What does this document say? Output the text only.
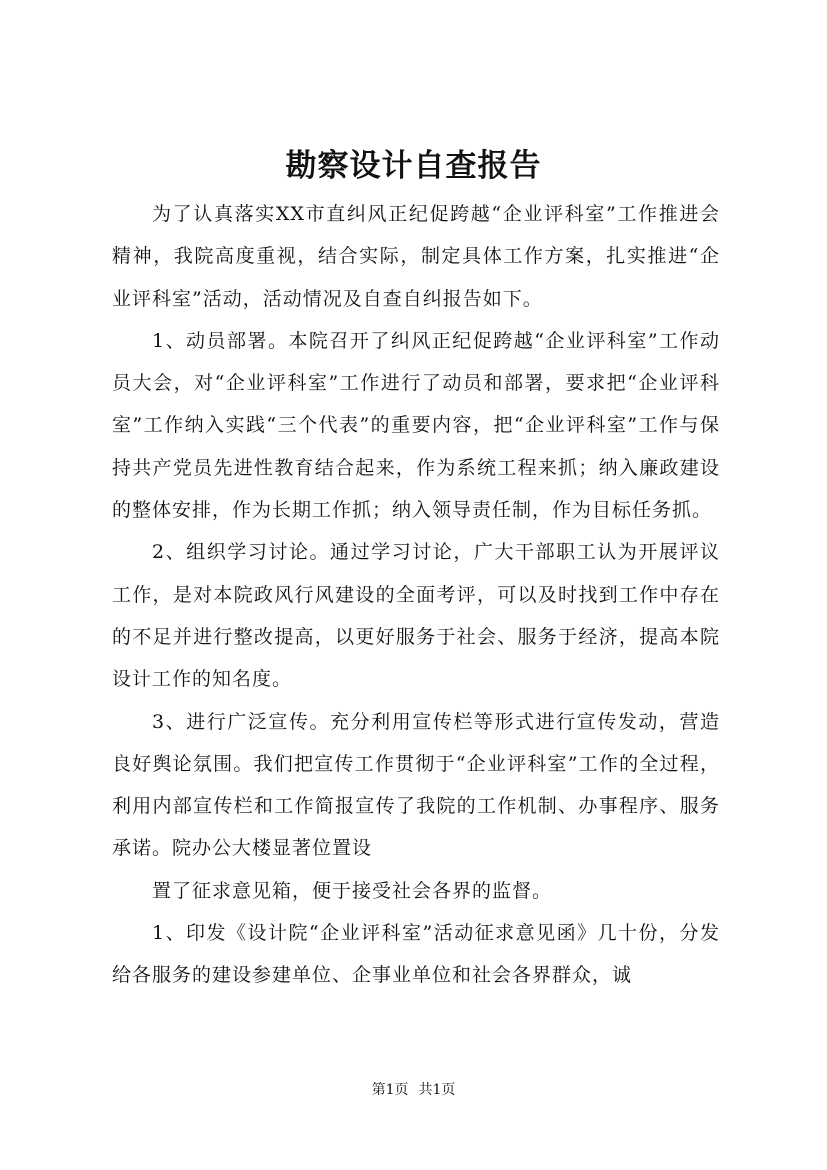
勘察设计自查报告

为了认真落实XX市直纠风正纪促跨越“企业评科室”工作推进会精神，我院高度重视，结合实际，制定具体工作方案，扎实推进“企业评科室”活动，活动情况及自查自纠报告如下。

1、动员部署。本院召开了纠风正纪促跨越“企业评科室”工作动员大会，对“企业评科室”工作进行了动员和部署，要求把“企业评科室”工作纳入实践“三个代表”的重要内容，把“企业评科室”工作与保持共产党员先进性教育结合起来，作为系统工程来抓；纳入廉政建设的整体安排，作为长期工作抓；纳入领导责任制，作为目标任务抓。

2、组织学习讨论。通过学习讨论，广大干部职工认为开展评议工作，是对本院政风行风建设的全面考评，可以及时找到工作中存在的不足并进行整改提高，以更好服务于社会、服务于经济，提高本院设计工作的知名度。

3、进行广泛宣传。充分利用宣传栏等形式进行宣传发动，营造良好舆论氛围。我们把宣传工作贯彻于“企业评科室”工作的全过程，利用内部宣传栏和工作简报宣传了我院的工作机制、办事程序、服务承诺。院办公大楼显著位置设

置了征求意见箱，便于接受社会各界的监督。

1、印发《设计院“企业评科室”活动征求意见函》几十份，分发给各服务的建设参建单位、企事业单位和社会各界群众，诚

第1页 共1页
